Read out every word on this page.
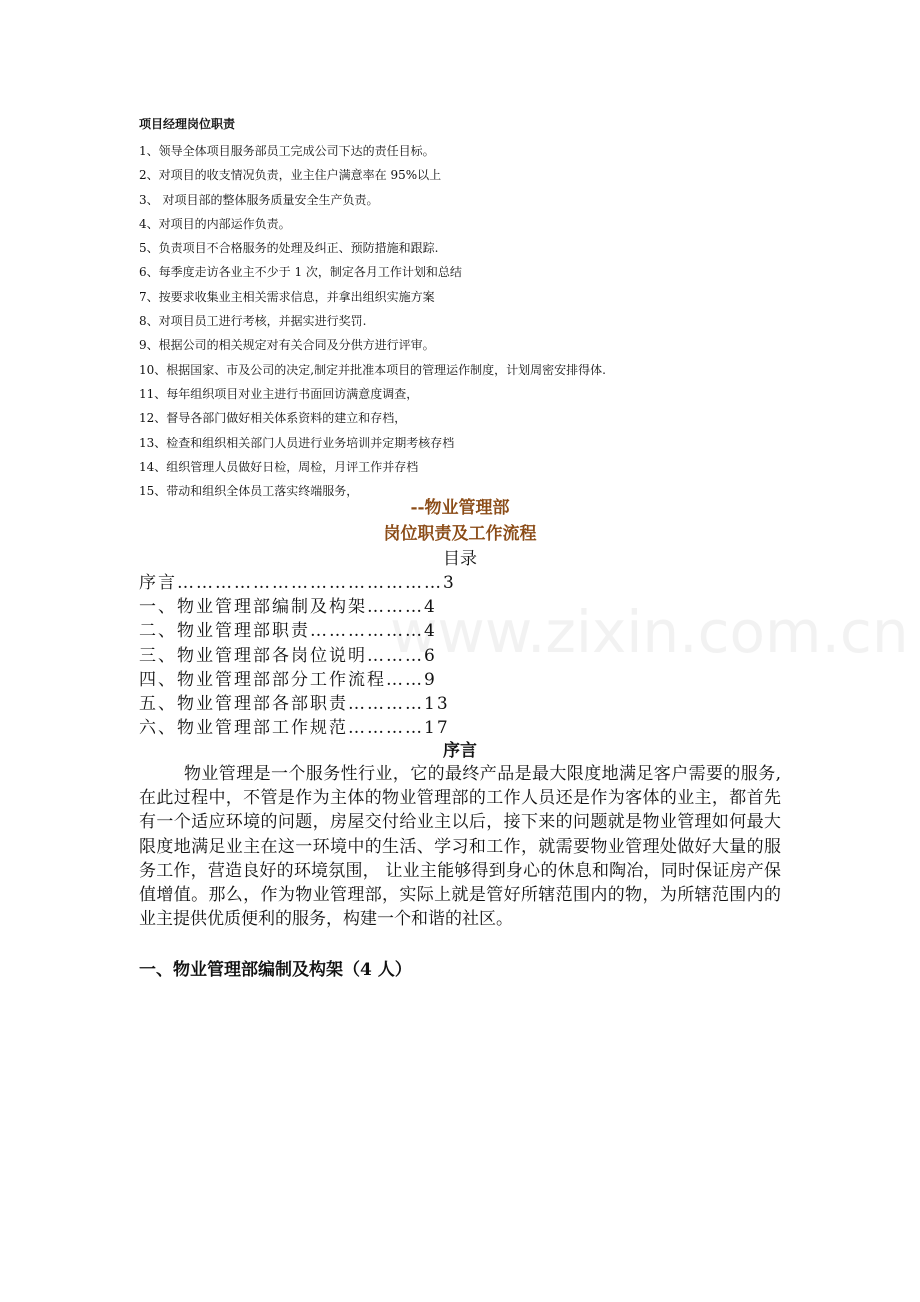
www.zixin.com.cn
项目经理岗位职责
1、领导全体项目服务部员工完成公司下达的责任目标。
2、对项目的收支情况负责，业主住户满意率在 95%以上
3、 对项目部的整体服务质量安全生产负责。
4、对项目的内部运作负责。
5、负责项目不合格服务的处理及纠正、预防措施和跟踪.
6、每季度走访各业主不少于 1 次，制定各月工作计划和总结
7、按要求收集业主相关需求信息，并拿出组织实施方案
8、对项目员工进行考核，并据实进行奖罚.
9、根据公司的相关规定对有关合同及分供方进行评审。
10、根据国家、市及公司的决定,制定并批准本项目的管理运作制度，计划周密安排得体.
11、每年组织项目对业主进行书面回访满意度调查，
12、督导各部门做好相关体系资料的建立和存档，
13、检查和组织相关部门人员进行业务培训并定期考核存档
14、组织管理人员做好日检，周检，月评工作并存档
15、带动和组织全体员工落实终端服务，
--物业管理部
岗位职责及工作流程
目录
序言……………………………………3
一、物业管理部编制及构架………4
二、物业管理部职责………………4
三、物业管理部各岗位说明………6
四、物业管理部部分工作流程……9
五、物业管理部各部职责…………13
六、物业管理部工作规范…………17
序言
物业管理是一个服务性行业，它的最终产品是最大限度地满足客户需要的服务,在此过程中，不管是作为主体的物业管理部的工作人员还是作为客体的业主，都首先有一个适应环境的问题，房屋交付给业主以后，接下来的问题就是物业管理如何最大限度地满足业主在这一环境中的生活、学习和工作，就需要物业管理处做好大量的服务工作，营造良好的环境氛围， 让业主能够得到身心的休息和陶冶，同时保证房产保值增值。那么，作为物业管理部，实际上就是管好所辖范围内的物，为所辖范围内的业主提供优质便利的服务，构建一个和谐的社区。
一、物业管理部编制及构架（4 人）
